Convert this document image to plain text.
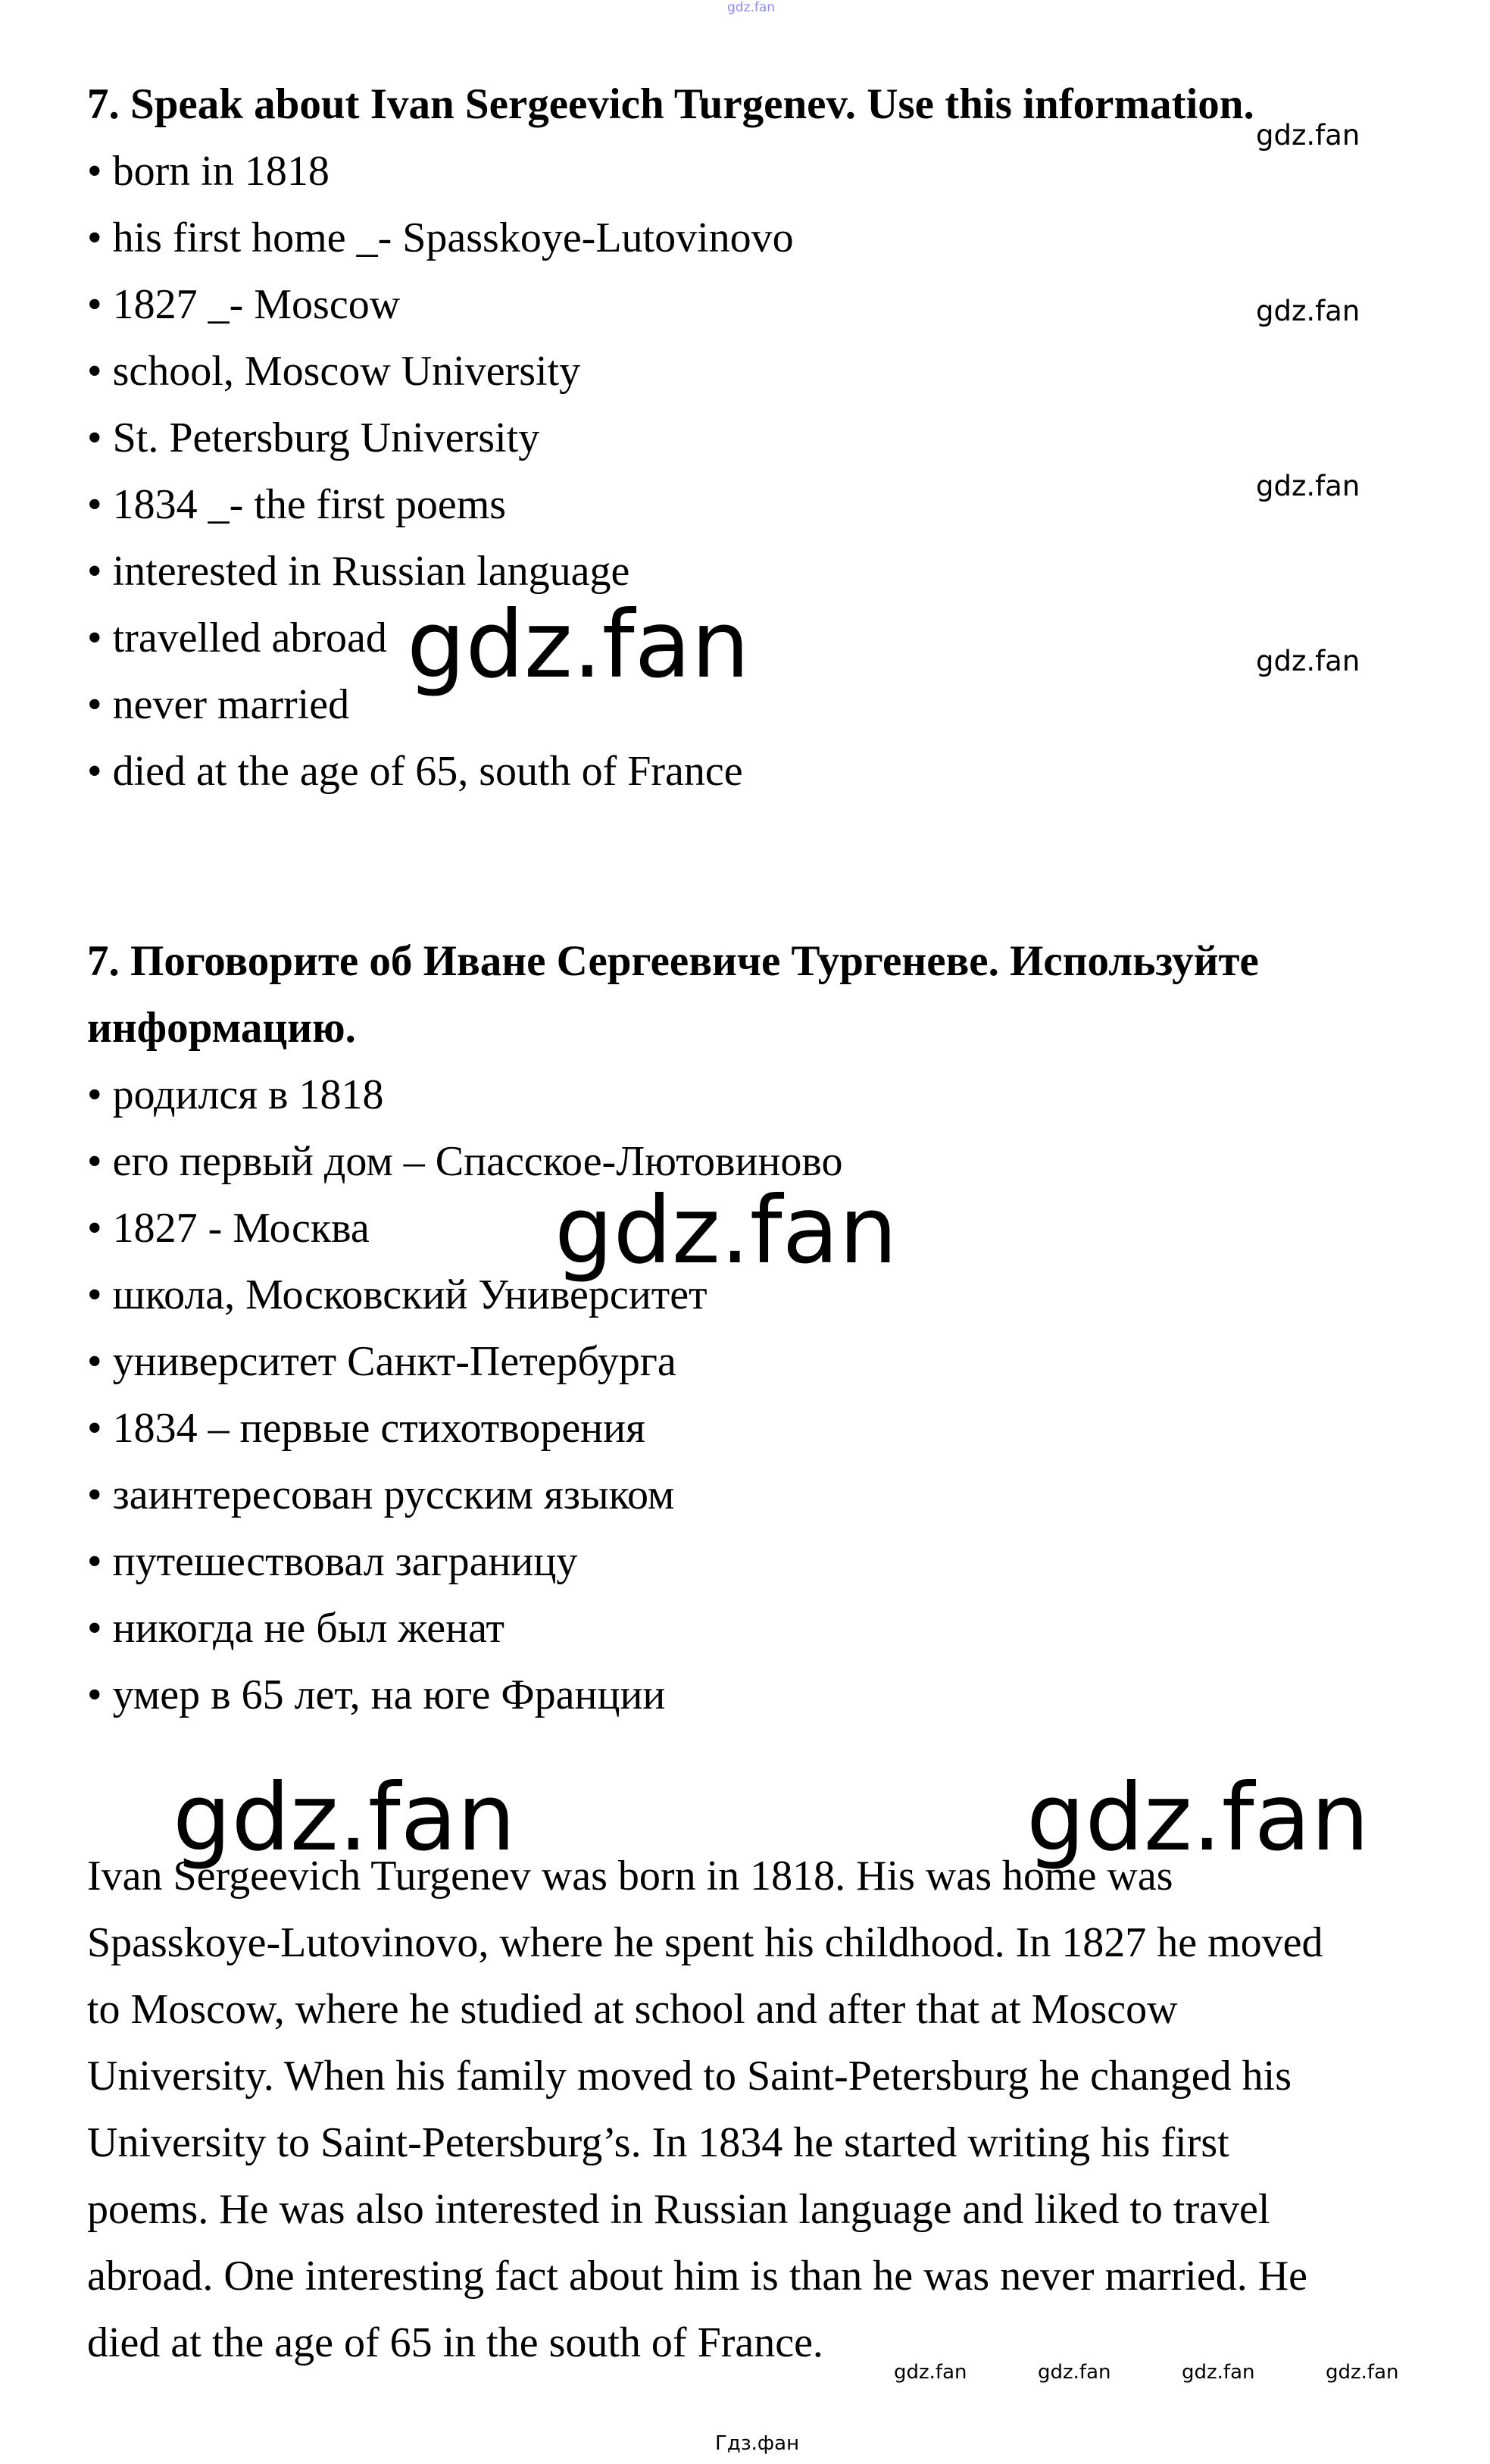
gdz.fan
gdz.fan
gdz.fan
gdz.fan
gdz.fan
gdz.fan
gdz.fan
gdz.fan	gdz.fan
gdz.fan	gdz.fan	gdz.fan	gdz.fan
Гдз.фан

7. Speak about Ivan Sergeevich Turgenev. Use this information.

• born in 1818
• his first home _- Spasskoye-Lutovinovo
• 1827 _- Moscow
• school, Moscow University
• St. Petersburg University
• 1834 _- the first poems
• interested in Russian language
• travelled abroad
• never married
• died at the age of 65, south of France

7. Поговорите об Иване Сергеевиче Тургеневе. Используйте
информацию.

• родился в 1818
• его первый дом – Спасское-Лютовиново
• 1827 - Москва
• школа, Московский Университет
• университет Санкт-Петербурга
• 1834 – первые стихотворения
• заинтересован русским языком
• путешествовал заграницу
• никогда не был женат
• умер в 65 лет, на юге Франции

Ivan Sergeevich Turgenev was born in 1818. His was home was
Spasskoye-Lutovinovo, where he spent his childhood. In 1827 he moved
to Moscow, where he studied at school and after that at Moscow
University. When his family moved to Saint-Petersburg he changed his
University to Saint-Petersburg’s. In 1834 he started writing his first
poems. He was also interested in Russian language and liked to travel
abroad. One interesting fact about him is than he was never married. He
died at the age of 65 in the south of France.
